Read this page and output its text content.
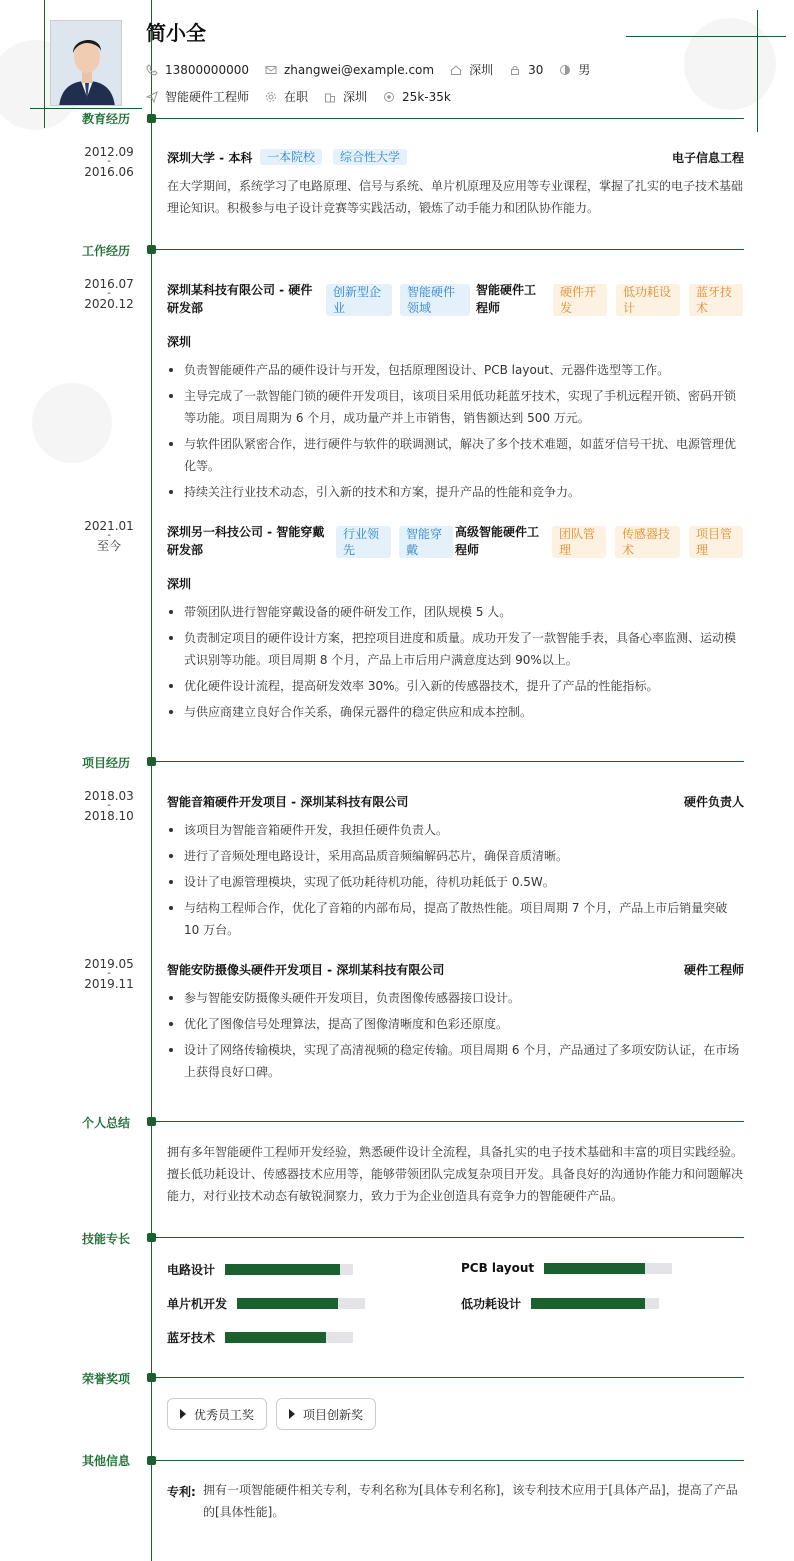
简小全
13800000000	zhangwei@example.com	深圳	30	男
智能硬件工程师	在职	深圳	25k-35k
教育经历
2012.09
-
2016.06
深圳大学 - 本科	一本院校	综合性大学	电子信息工程
在大学期间，系统学习了电路原理、信号与系统、单片机原理及应用等专业课程，掌握了扎实的电子技术基础理论知识。积极参与电子设计竞赛等实践活动，锻炼了动手能力和团队协作能力。
工作经历
2016.07
-
2020.12
深圳某科技有限公司 - 硬件研发部
创新型企业
智能硬件领域
智能硬件工程师
硬件开发
低功耗设计
蓝牙技术
深圳
负责智能硬件产品的硬件设计与开发，包括原理图设计、PCB layout、元器件选型等工作。
主导完成了一款智能门锁的硬件开发项目，该项目采用低功耗蓝牙技术，实现了手机远程开锁、密码开锁等功能。项目周期为 6 个月，成功量产并上市销售，销售额达到 500 万元。
与软件团队紧密合作，进行硬件与软件的联调测试，解决了多个技术难题，如蓝牙信号干扰、电源管理优化等。
持续关注行业技术动态，引入新的技术和方案，提升产品的性能和竞争力。
2021.01
-
至今
深圳另一科技公司 - 智能穿戴研发部
行业领先
智能穿戴
高级智能硬件工程师
团队管理
传感器技术
项目管理
深圳
带领团队进行智能穿戴设备的硬件研发工作，团队规模 5 人。
负责制定项目的硬件设计方案，把控项目进度和质量。成功开发了一款智能手表，具备心率监测、运动模式识别等功能。项目周期 8 个月，产品上市后用户满意度达到 90%以上。
优化硬件设计流程，提高研发效率 30%。引入新的传感器技术，提升了产品的性能指标。
与供应商建立良好合作关系，确保元器件的稳定供应和成本控制。
项目经历
2018.03
-
2018.10
智能音箱硬件开发项目 - 深圳某科技有限公司	硬件负责人
该项目为智能音箱硬件开发，我担任硬件负责人。
进行了音频处理电路设计，采用高品质音频编解码芯片，确保音质清晰。
设计了电源管理模块，实现了低功耗待机功能，待机功耗低于 0.5W。
与结构工程师合作，优化了音箱的内部布局，提高了散热性能。项目周期 7 个月，产品上市后销量突破 10 万台。
2019.05
-
2019.11
智能安防摄像头硬件开发项目 - 深圳某科技有限公司	硬件工程师
参与智能安防摄像头硬件开发项目，负责图像传感器接口设计。
优化了图像信号处理算法，提高了图像清晰度和色彩还原度。
设计了网络传输模块，实现了高清视频的稳定传输。项目周期 6 个月，产品通过了多项安防认证，在市场上获得良好口碑。
个人总结
拥有多年智能硬件工程师开发经验，熟悉硬件设计全流程，具备扎实的电子技术基础和丰富的项目实践经验。擅长低功耗设计、传感器技术应用等，能够带领团队完成复杂项目开发。具备良好的沟通协作能力和问题解决能力，对行业技术动态有敏锐洞察力，致力于为企业创造具有竞争力的智能硬件产品。
技能专长
电路设计	PCB layout
单片机开发	低功耗设计
蓝牙技术
荣誉奖项
优秀员工奖	项目创新奖
其他信息
专利: 拥有一项智能硬件相关专利，专利名称为[具体专利名称]，该专利技术应用于[具体产品]，提高了产品的[具体性能]。
